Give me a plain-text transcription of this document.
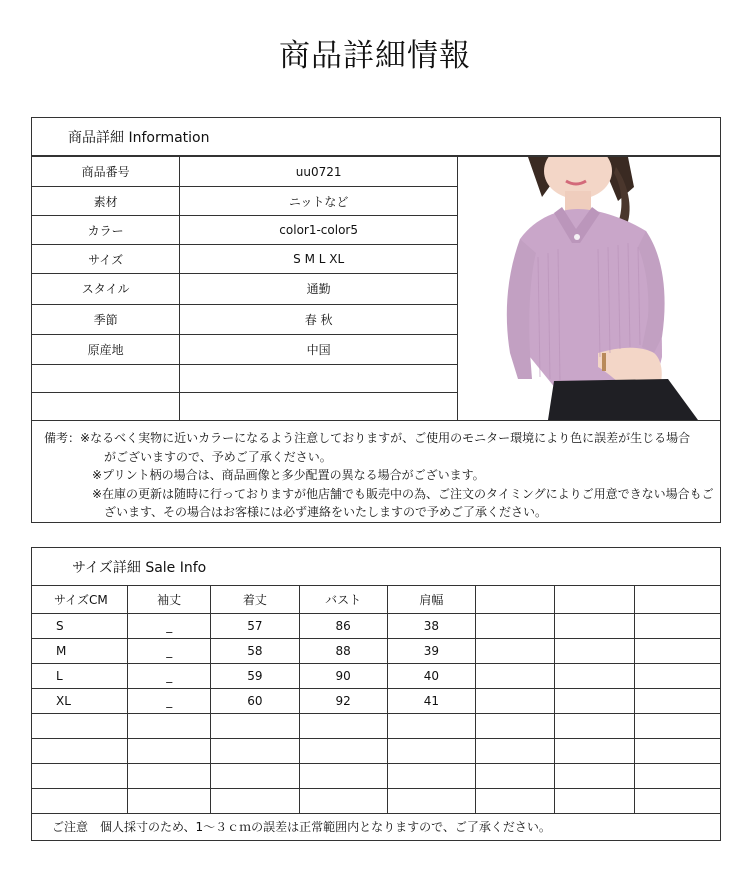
商品詳細情報
商品詳細 Information
商品番号	uu0721	

素材	ニットなど	
カラー	color1-color5	
サイズ	S M L XL	
スタイル	通勤	
季節	春 秋	
原産地	中国	

備考：※なるべく実物に近いカラーになるよう注意しておりますが、ご使用のモニター環境により色に誤差が生じる場合
がございますので、予めご了承ください。
※プリント柄の場合は、商品画像と多少配置の異なる場合がございます。
※在庫の更新は随時に行っておりますが他店舗でも販売中の為、ご注文のタイミングによりご用意できない場合もご
ざいます、その場合はお客様には必ず連絡をいたしますので予めご了承ください。
サイズ詳細 Sale Info
サイズCM	袖丈	着丈	バスト	肩幅			
S	_	57	86	38			
M	_	58	88	39			
L	_	59	90	40			
XL	_	60	92	41			

ご注意　個人採寸のため、1～３ｃｍの誤差は正常範囲内となりますので、ご了承ください。
